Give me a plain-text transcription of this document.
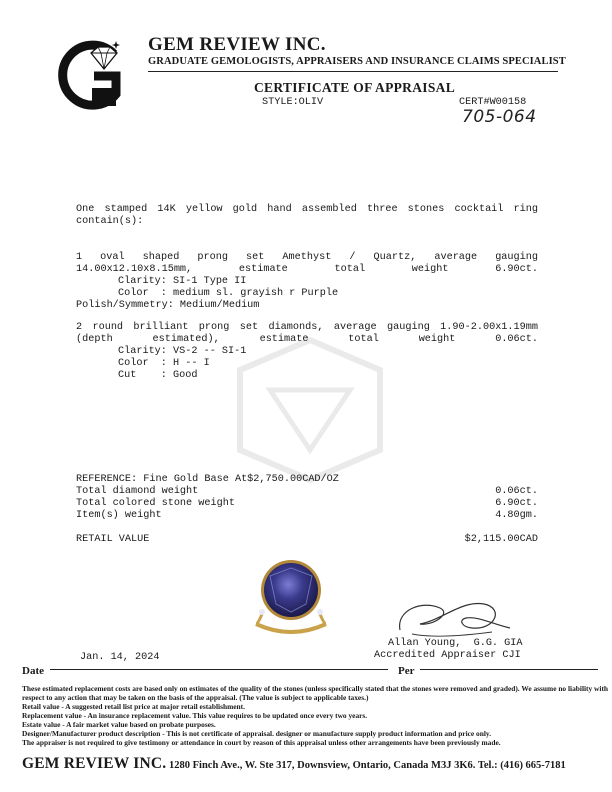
GEM REVIEW INC.
GRADUATE GEMOLOGISTS, APPRAISERS AND INSURANCE CLAIMS SPECIALIST
CERTIFICATE OF APPRAISAL
STYLE:OLIV	CERT#W00158
705-064
One stamped 14K yellow gold hand assembled three stones cocktail ring contain(s):
1 oval shaped prong set Amethyst / Quartz, average gauging 14.00x12.10x8.15mm, estimate total weight 6.90ct.
Clarity: SI-1 Type II
Color  : medium sl. grayish r Purple
Polish/Symmetry: Medium/Medium
2 round brilliant prong set diamonds, average gauging 1.90-2.00x1.19mm (depth estimated), estimate total weight 0.06ct.
Clarity: VS-2 -- SI-1
Color  : H -- I
Cut    : Good
REFERENCE: Fine Gold Base At$2,750.00CAD/OZ
Total diamond weight	0.06ct.
Total colored stone weight	6.90ct.
Item(s) weight	4.80gm.
RETAIL VALUE	$2,115.00CAD
Allan Young,  G.G. GIA
Accredited Appraiser CJI
Jan. 14, 2024
Date	Per
These estimated replacement costs are based only on estimates of the quality of the stones (unless specifically stated that the stones were removed and graded). We assume no liability with respect to any action that may be taken on the basis of the appraisal. (The value is subject to applicable taxes.)
Retail value - A suggested retail list price at major retail establishment.
Replacement value - An insurance replacement value. This value requires to be updated once every two years.
Estate value - A fair market value based on probate purposes.
Designer/Manufacturer product description - This is not certificate of appraisal. designer or manufacture supply product information and price only.
The appraiser is not required to give testimony or attendance in court by reason of this appraisal unless other arrangements have been previously made.
GEM REVIEW INC. 1280 Finch Ave., W. Ste 317, Downsview, Ontario, Canada M3J 3K6. Tel.: (416) 665-7181
